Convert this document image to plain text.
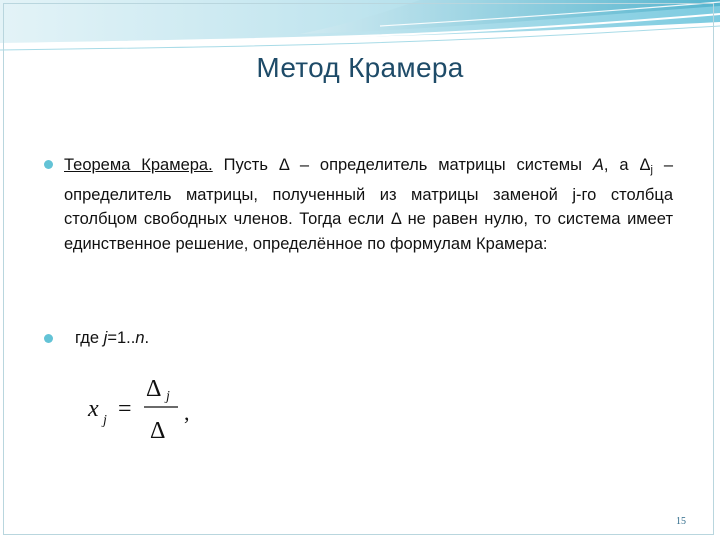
Метод Крамера
Теорема Крамера. Пусть Δ – определитель матрицы системы А, а $\Delta_j$ – определитель матрицы, полученный из матрицы заменой j-го столбца столбцом свободных членов. Тогда если Δ не равен нулю, то система имеет единственное решение, определённое по формулам Крамера:
где j=1..n.
x j =
Δ j
Δ
,
15
